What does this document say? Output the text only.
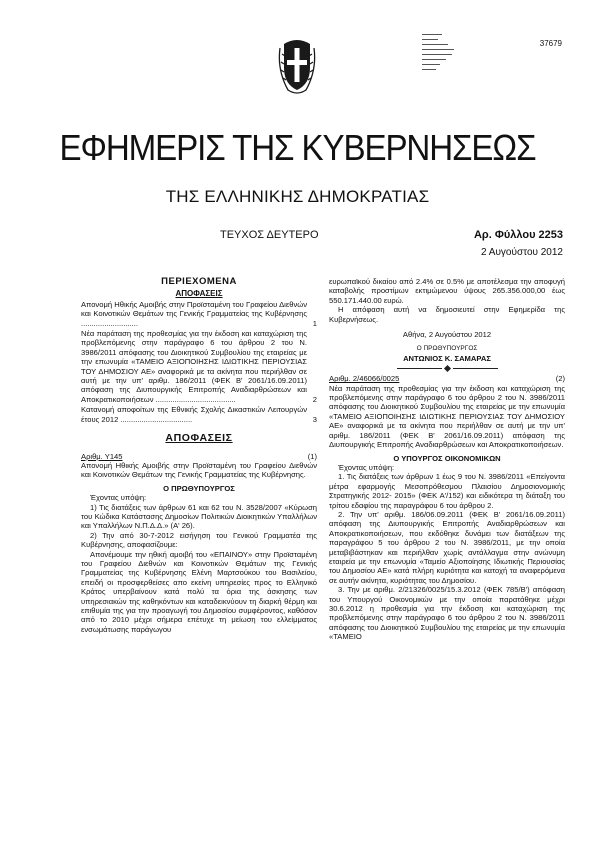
37679
ΕΦΗΜΕΡΙΣ ΤΗΣ ΚΥΒΕΡΝΗΣΕΩΣ
ΤΗΣ ΕΛΛΗΝΙΚΗΣ ΔΗΜΟΚΡΑΤΙΑΣ
ΤΕΥΧΟΣ ΔΕΥΤΕΡΟ	Αρ. Φύλλου 2253
2 Αυγούστου 2012
ΠΕΡΙΕΧΟΜΕΝΑ
ΑΠΟΦΑΣΕΙΣ
Απονομή Ηθικής Αμοιβής στην Προϊσταμένη του Γραφείου Διεθνών και Κοινοτικών Θεμάτων της Γενικής Γραμματείας της Κυβέρνησης ...........................	1
Νέα παράταση της προθεσμίας για την έκδοση και καταχώριση της προβλεπόμενης στην παράγραφο 6 του άρθρου 2 του Ν. 3986/2011 απόφασης του Διοικητικού Συμβουλίου της εταιρείας με την επωνυμία «ΤΑΜΕΙΟ ΑΞΙΟΠΟΙΗΣΗΣ ΙΔΙΩΤΙΚΗΣ ΠΕΡΙΟΥΣΙΑΣ ΤΟΥ ΔΗΜΟΣΙΟΥ ΑΕ» αναφορικά με τα ακίνητα που περιήλθαν σε αυτή με την υπ' αριθμ. 186/2011 (ΦΕΚ Β' 2061/16.09.2011) απόφαση της Διυπουργικής Επιτροπής Αναδιαρθρώσεων και Αποκρατικοποιήσεων ......................................	2
Κατανομή αποφοίτων της Εθνικής Σχολής Δικαστικών Λειτουργών έτους 2012 ..................................	3
ΑΠΟΦΑΣΕΙΣ
Αριθμ. Υ145	(1)

Απονομή Ηθικής Αμοιβής στην Προϊσταμένη του Γραφείου Διεθνών και Κοινοτικών Θεμάτων της Γενικής Γραμματείας της Κυβέρνησης.

Ο ΠΡΩΘΥΠΟΥΡΓΟΣ

Έχοντας υπόψη:

1) Τις διατάξεις των άρθρων 61 και 62 του Ν. 3528/2007 «Κύρωση του Κώδικα Κατάστασης Δημοσίων Πολιτικών Διοικητικών Υπαλλήλων και Υπαλλήλων Ν.Π.Δ.Δ.» (Α' 26).

2) Την από 30-7-2012 εισήγηση του Γενικού Γραμματέα της Κυβέρνησης, αποφασίζουμε:

Απονέμουμε την ηθική αμοιβή του «ΕΠΑΙΝΟΥ» στην Προϊσταμένη του Γραφείου Διεθνών και Κοινοτικών Θεμάτων της Γενικής Γραμματείας της Κυβέρνησης Ελένη Μαρτσούκου του Βασιλείου, επειδή οι προσφερθείσες απο εκείνη υπηρεσίες προς το Ελληνικό Κράτος υπερβαίνουν κατά πολύ τα όρια της άσκησης των υπηρεσιακών της καθηκόντων και καταδεικνύουν τη διαρκή θέρμη και επιθυμία της για την προαγωγή του Δημοσίου συμφέροντος, καθόσον από το 2010 μέχρι σήμερα επέτυχε τη μείωση του ελλείμματος ενσωμάτωσης παράγωγου

ευρωπαϊκού δικαίου από 2.4% σε 0.5% με αποτέλεσμα την αποφυγή καταβολής προστίμων εκτιμώμενου ύψους 265.356.000,00 έως 550.171.440.00 ευρώ.

Η απόφαση αυτή να δημοσιευτεί στην Εφημερίδα της Κυβερνήσεως.

Αθήνα, 2 Αυγούστου 2012
Ο ΠΡΩΘΥΠΟΥΡΓΟΣ
ΑΝΤΩΝΙΟΣ Κ. ΣΑΜΑΡΑΣ
Αριθμ. 2/46066/0025	(2)

Νέα παράταση της προθεσμίας για την έκδοση και καταχώριση της προβλεπόμενης στην παράγραφο 6 του άρθρου 2 του Ν. 3986/2011 απόφασης του Διοικητικού Συμβουλίου της εταιρείας με την επωνυμία «ΤΑΜΕΙΟ ΑΞΙΟΠΟΙΗΣΗΣ ΙΔΙΩΤΙΚΗΣ ΠΕΡΙΟΥΣΙΑΣ ΤΟΥ ΔΗΜΟΣΙΟΥ ΑΕ» αναφορικά με τα ακίνητα που περιήλθαν σε αυτή με την υπ' αριθμ. 186/2011 (ΦΕΚ Β' 2061/16.09.2011) απόφαση της Διυπουργικής Επιτροπής Αναδιαρθρώσεων και Αποκρατικοποιήσεων.

Ο ΥΠΟΥΡΓΟΣ ΟΙΚΟΝΟΜΙΚΩΝ

Έχοντας υπόψη:

1. Τις διατάξεις των άρθρων 1 έως 9 του Ν. 3986/2011 «Επείγοντα μέτρα εφαρμογής Μεσοπρόθεσμου Πλαισίου Δημοσιονομικής Στρατηγικής 2012- 2015» (ΦΕΚ Α'/152) και ειδικότερα τη διάταξη του τρίτου εδαφίου της παραγράφου 6 του άρθρου 2.

2. Την υπ' αριθμ. 186/06.09.2011 (ΦΕΚ Β' 2061/16.09.2011) απόφαση της Διυπουργικής Επιτροπής Αναδιαρθρώσεων και Αποκρατικοποιήσεων, που εκδόθηκε δυνάμει των διατάξεων της παραγράφου 5 του άρθρου 2 του Ν. 3986/2011, με την οποία μεταβιβάστηκαν και περιήλθαν χωρίς αντάλλαγμα στην ανώνυμη εταιρεία με την επωνυμία «Ταμείο Αξιοποίησης Ιδιωτικής Περιουσίας του Δημοσίου ΑΕ» κατά πλήρη κυριότητα και κατοχή τα αναφερόμενα σε αυτήν ακίνητα, κυριότητας του Δημοσίου.

3. Την με αριθμ. 2/21326/0025/15.3.2012 (ΦΕΚ 785/Β') απόφαση του Υπουργού Οικονομικών με την οποία παρατάθηκε μέχρι 30.6.2012 η προθεσμία για την έκδοση και καταχώριση της προβλεπόμενης στην παράγραφο 6 του άρθρου 2 του Ν. 3986/2011 απόφασης του Διοικητικού Συμβουλίου της εταιρείας με την επωνυμία «ΤΑΜΕΙΟ
